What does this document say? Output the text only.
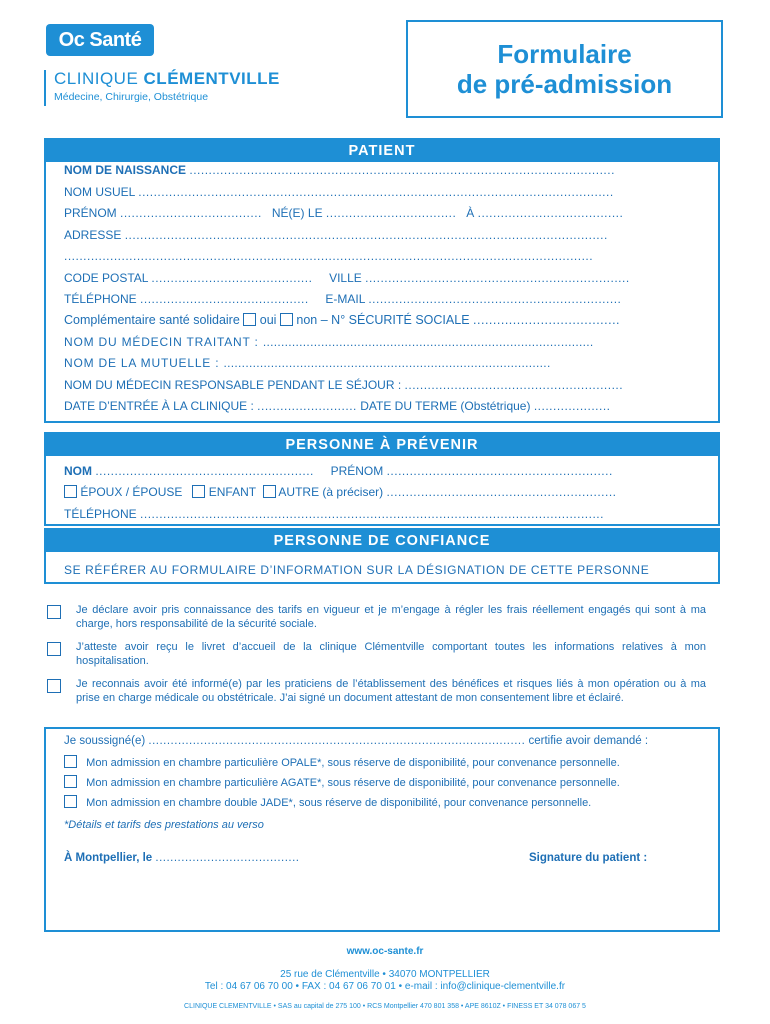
Oc Santé
CLINIQUE CLÉMENTVILLE
Médecine, Chirurgie, Obstétrique
Formulaire
de pré-admission
PATIENT
NOM DE NAISSANCE ...............................................................................................................
NOM USUEL ............................................................................................................................
PRÉNOM ..................................... NÉ(E) LE .................................. À ......................................
ADRESSE ..............................................................................................................................
..........................................................................................................................................
CODE POSTAL .......................................... VILLE .....................................................................
TÉLÉPHONE ............................................ E-MAIL ..................................................................
Complémentaire santé solidaire oui non – N° SÉCURITÉ SOCIALE .....................................
NOM DU MÉDECIN TRAITANT : ...........................................................................................
NOM DE LA MUTUELLE : ..........................................................................................
NOM DU MÉDECIN RESPONSABLE PENDANT LE SÉJOUR : .........................................................
DATE D’ENTRÉE À LA CLINIQUE : .......................... DATE DU TERME (Obstétrique) ....................
PERSONNE À PRÉVENIR
NOM ......................................................... PRÉNOM ...........................................................
ÉPOUX / ÉPOUSE ENFANT AUTRE (à préciser) ............................................................
TÉLÉPHONE .........................................................................................................................
PERSONNE DE CONFIANCE
SE RÉFÉRER AU FORMULAIRE D’INFORMATION SUR LA DÉSIGNATION DE CETTE PERSONNE
Je déclare avoir pris connaissance des tarifs en vigueur et je m’engage à régler les frais réellement engagés qui sont à ma charge, hors responsabilité de la sécurité sociale.
J’atteste avoir reçu le livret d’accueil de la clinique Clémentville comportant toutes les informations relatives à mon hospitalisation.
Je reconnais avoir été informé(e) par les praticiens de l’établissement des bénéfices et risques liés à mon opération ou à ma prise en charge médicale ou obstétricale. J’ai signé un document attestant de mon consentement libre et éclairé.
Je soussigné(e) ...................................................................................................... certifie avoir demandé :
Mon admission en chambre particulière OPALE*, sous réserve de disponibilité, pour convenance personnelle.
Mon admission en chambre particulière AGATE*, sous réserve de disponibilité, pour convenance personnelle.
Mon admission en chambre double JADE*, sous réserve de disponibilité, pour convenance personnelle.
*Détails et tarifs des prestations au verso
À Montpellier, le .......................................	Signature du patient :
www.oc-sante.fr
25 rue de Clémentville • 34070 MONTPELLIER
Tel : 04 67 06 70 00 • FAX : 04 67 06 70 01 • e-mail : info@clinique-clementville.fr
CLINIQUE CLEMENTVILLE • SAS au capital de 275 100 • RCS Montpellier 470 801 358 • APE 8610Z • FINESS ET 34 078 067 5
